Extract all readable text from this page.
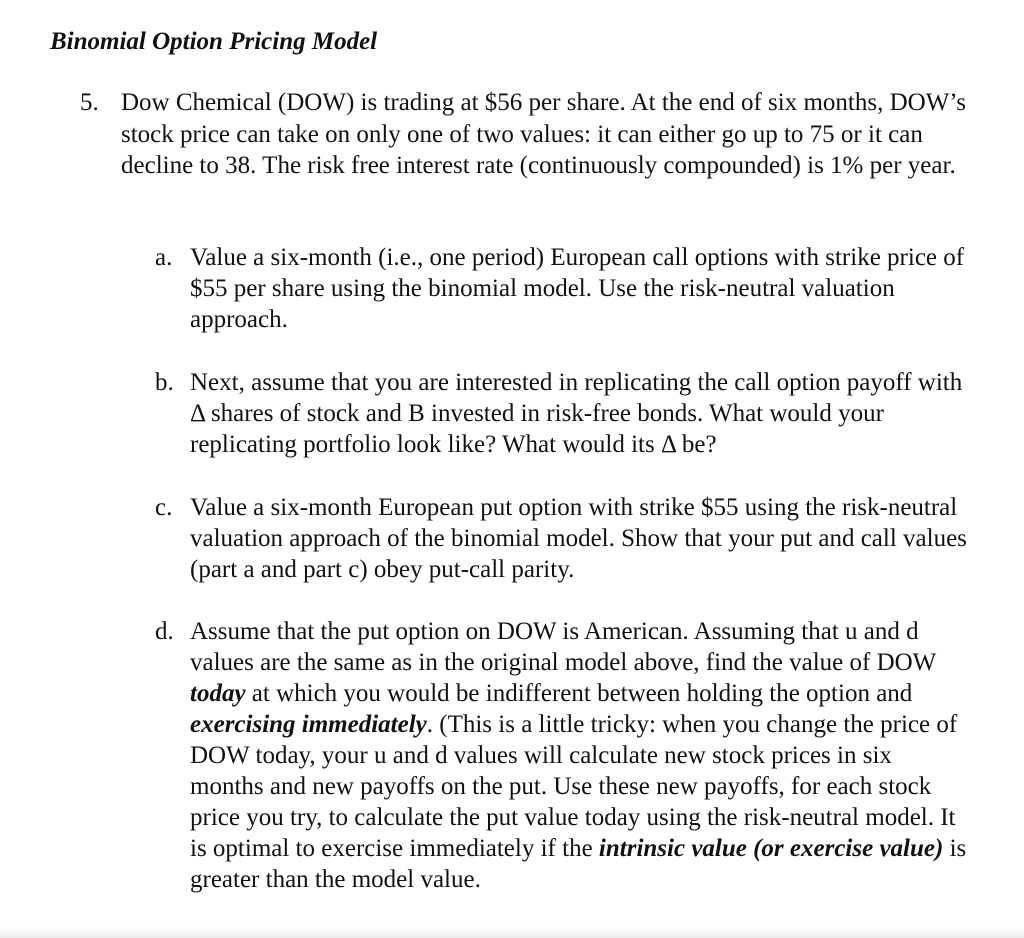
Binomial Option Pricing Model
5. Dow Chemical (DOW) is trading at $56 per share. At the end of six months, DOW’s stock price can take on only one of two values: it can either go up to 75 or it can decline to 38. The risk free interest rate (continuously compounded) is 1% per year.

a. Value a six-month (i.e., one period) European call options with strike price of $55 per share using the binomial model. Use the risk-neutral valuation approach.

b. Next, assume that you are interested in replicating the call option payoff with Δ shares of stock and B invested in risk-free bonds. What would your replicating portfolio look like? What would its Δ be?

c. Value a six-month European put option with strike $55 using the risk-neutral valuation approach of the binomial model. Show that your put and call values (part a and part c) obey put-call parity.

d. Assume that the put option on DOW is American. Assuming that u and d values are the same as in the original model above, find the value of DOW today at which you would be indifferent between holding the option and exercising immediately. (This is a little tricky: when you change the price of DOW today, your u and d values will calculate new stock prices in six months and new payoffs on the put. Use these new payoffs, for each stock price you try, to calculate the put value today using the risk-neutral model. It is optimal to exercise immediately if the intrinsic value (or exercise value) is greater than the model value.
